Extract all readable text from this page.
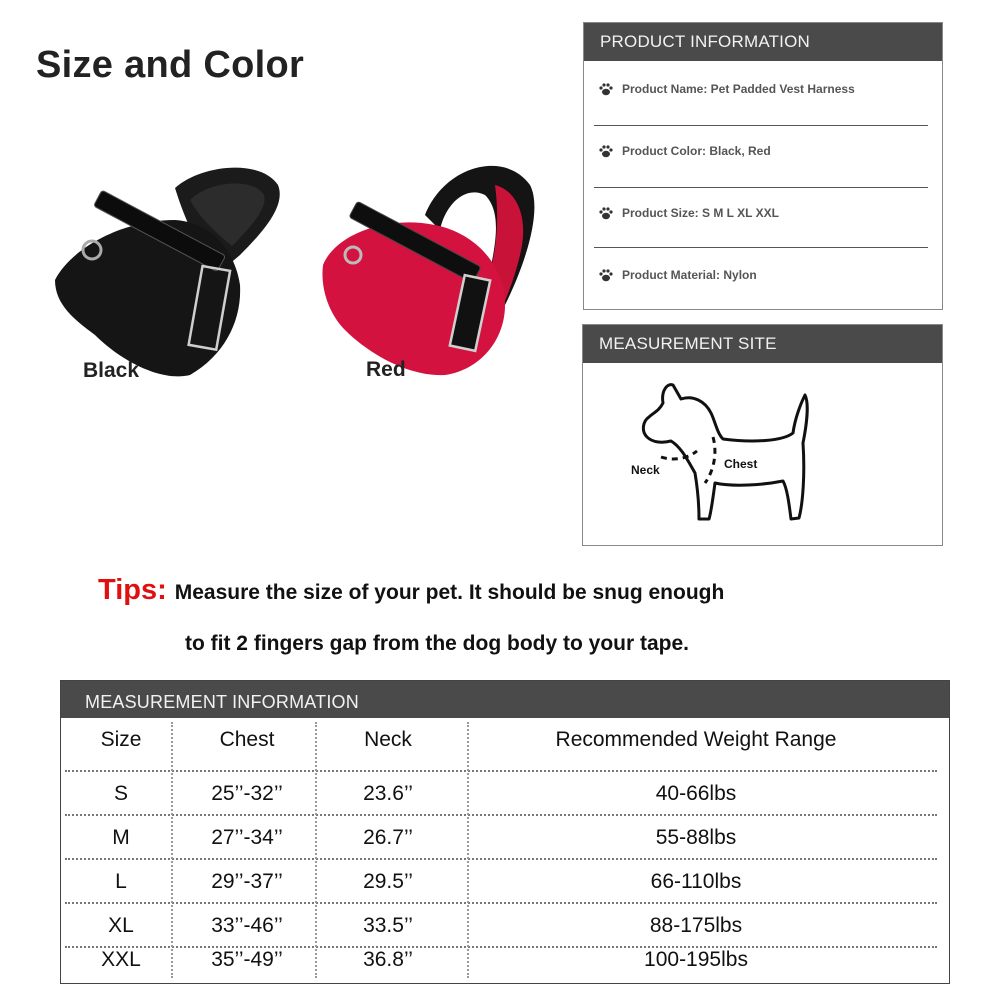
Size and Color
Black	Red
PRODUCT INFORMATION
Product Name: Pet Padded Vest Harness
Product Color: Black, Red
Product Size: S M L XL XXL
Product Material: Nylon
MEASUREMENT SITE
Neck	Chest
Tips: Measure the size of your pet. It should be snug enough
to fit 2 fingers gap from the dog body to your tape.
MEASUREMENT INFORMATION
Size	Chest	Neck	Recommended Weight Range
S	25’’-32’’	23.6’’	40-66lbs
M	27’’-34’’	26.7’’	55-88lbs
L	29’’-37’’	29.5’’	66-110lbs
XL	33’’-46’’	33.5’’	88-175lbs
XXL	35’’-49’’	36.8’’	100-195lbs
